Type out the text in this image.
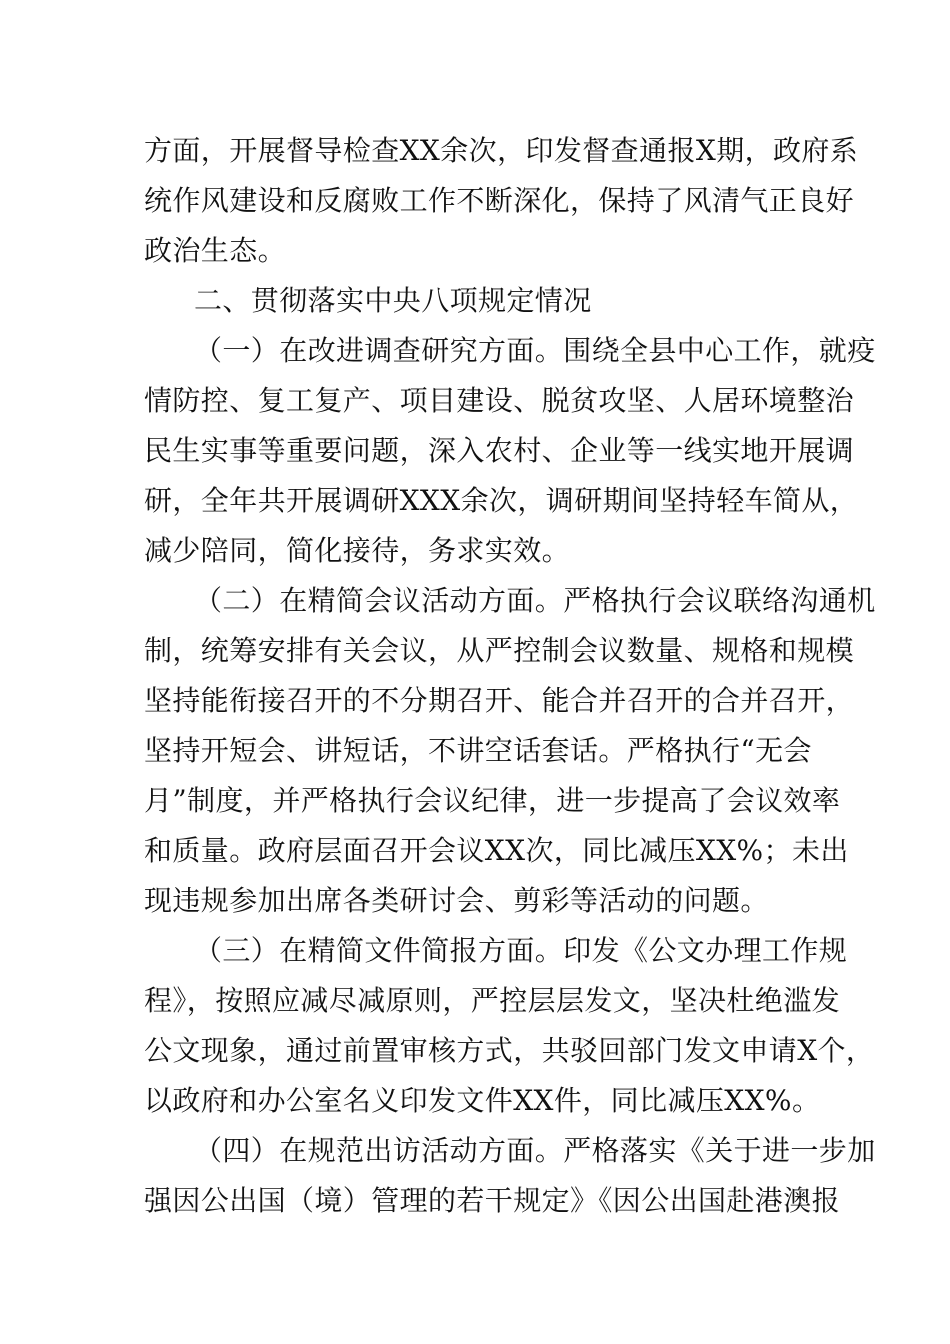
方面，开展督导检查XX余次，印发督查通报X期，政府系
统作风建设和反腐败工作不断深化，保持了风清气正良好
政治生态。
二、贯彻落实中央八项规定情况
（一）在改进调查研究方面。围绕全县中心工作，就疫
情防控、复工复产、项目建设、脱贫攻坚、人居环境整治
民生实事等重要问题，深入农村、企业等一线实地开展调
研，全年共开展调研XXX余次，调研期间坚持轻车简从，
减少陪同，简化接待，务求实效。
（二）在精简会议活动方面。严格执行会议联络沟通机
制，统筹安排有关会议，从严控制会议数量、规格和规模
坚持能衔接召开的不分期召开、能合并召开的合并召开，
坚持开短会、讲短话，不讲空话套话。严格执行“无会
月”制度，并严格执行会议纪律，进一步提高了会议效率
和质量。政府层面召开会议XX次，同比减压XX%；未出
现违规参加出席各类研讨会、剪彩等活动的问题。
（三）在精简文件简报方面。印发《公文办理工作规
程》，按照应减尽减原则，严控层层发文，坚决杜绝滥发
公文现象，通过前置审核方式，共驳回部门发文申请X个，
以政府和办公室名义印发文件XX件，同比减压XX%。
（四）在规范出访活动方面。严格落实《关于进一步加
强因公出国（境）管理的若干规定》《因公出国赴港澳报
